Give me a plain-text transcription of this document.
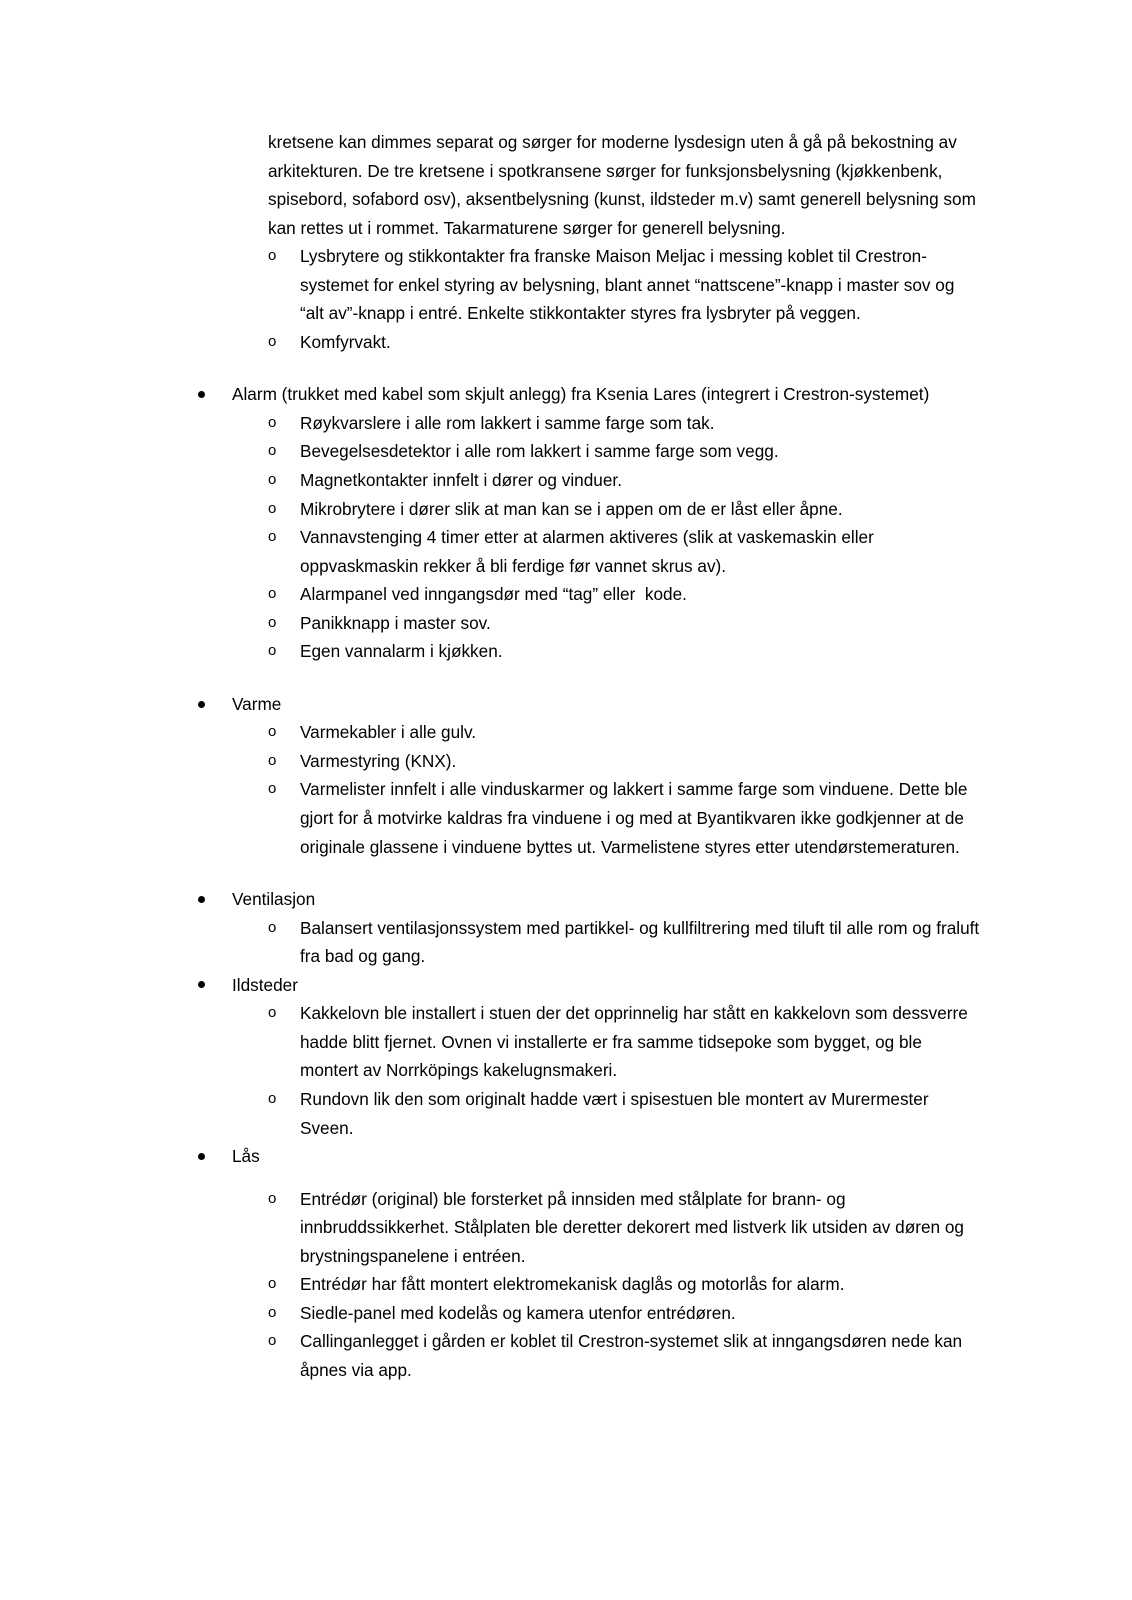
kretsene kan dimmes separat og sørger for moderne lysdesign uten å gå på bekostning av arkitekturen. De tre kretsene i spotkransene sørger for funksjonsbelysning (kjøkkenbenk, spisebord, sofabord osv), aksentbelysning (kunst, ildsteder m.v) samt generell belysning som kan rettes ut i rommet. Takarmaturene sørger for generell belysning.

o Lysbrytere og stikkontakter fra franske Maison Meljac i messing koblet til Crestron-systemet for enkel styring av belysning, blant annet “nattscene”-knapp i master sov og “alt av”-knapp i entré. Enkelte stikkontakter styres fra lysbryter på veggen.
o Komfyrvakt.
Alarm (trukket med kabel som skjult anlegg) fra Ksenia Lares (integrert i Crestron-systemet)
o Røykvarslere i alle rom lakkert i samme farge som tak.
o Bevegelsesdetektor i alle rom lakkert i samme farge som vegg.
o Magnetkontakter innfelt i dører og vinduer.
o Mikrobrytere i dører slik at man kan se i appen om de er låst eller åpne.
o Vannavstenging 4 timer etter at alarmen aktiveres (slik at vaskemaskin eller oppvaskmaskin rekker å bli ferdige før vannet skrus av).
o Alarmpanel ved inngangsdør med “tag” eller  kode.
o Panikknapp i master sov.
o Egen vannalarm i kjøkken.
Varme
o Varmekabler i alle gulv.
o Varmestyring (KNX).
o Varmelister innfelt i alle vinduskarmer og lakkert i samme farge som vinduene. Dette ble gjort for å motvirke kaldras fra vinduene i og med at Byantikvaren ikke godkjenner at de originale glassene i vinduene byttes ut. Varmelistene styres etter utendørstemeraturen.
Ventilasjon
o Balansert ventilasjonssystem med partikkel- og kullfiltrering med tiluft til alle rom og fraluft fra bad og gang.
Ildsteder
o Kakkelovn ble installert i stuen der det opprinnelig har stått en kakkelovn som dessverre hadde blitt fjernet. Ovnen vi installerte er fra samme tidsepoke som bygget, og ble montert av Norrköpings kakelugnsmakeri.
o Rundovn lik den som originalt hadde vært i spisestuen ble montert av Murermester Sveen.
Lås
o Entrédør (original) ble forsterket på innsiden med stålplate for brann- og innbruddssikkerhet. Stålplaten ble deretter dekorert med listverk lik utsiden av døren og brystningspanelene i entréen.
o Entrédør har fått montert elektromekanisk daglås og motorlås for alarm.
o Siedle-panel med kodelås og kamera utenfor entrédøren.
o Callinganlegget i gården er koblet til Crestron-systemet slik at inngangsdøren nede kan åpnes via app.
